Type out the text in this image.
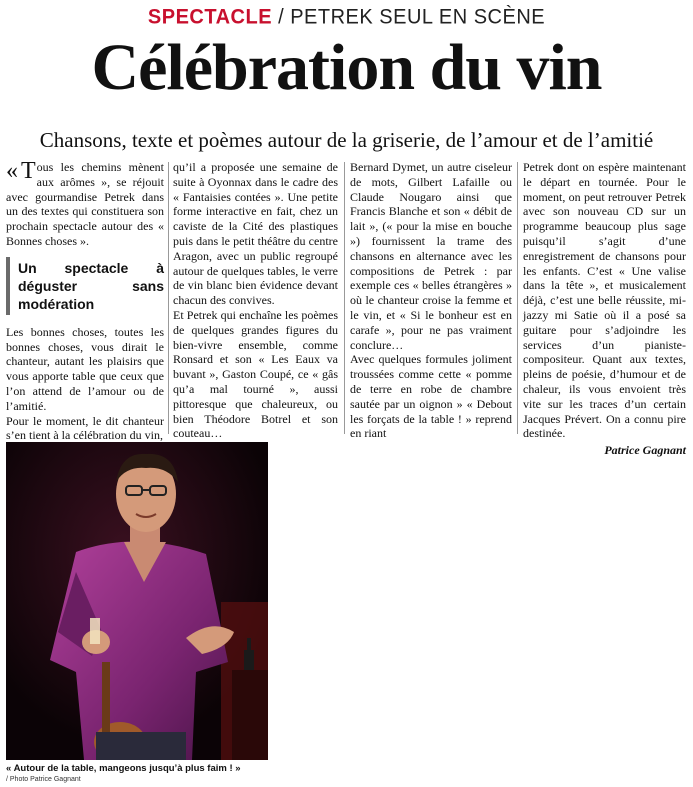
SPECTACLE / PETREK SEUL EN SCÈNE
Célébration du vin
Chansons, texte et poèmes autour de la griserie, de l’amour et de l’amitié

« T ous les chemins mènent aux arômes », se réjouit avec gourmandise Petrek dans un des textes qui constituera son prochain spectacle autour des « Bonnes choses ».

Un spectacle à déguster sans modération

Les bonnes choses, toutes les bonnes choses, vous dirait le chanteur, autant les plaisirs que vous apporte table que ceux que l’on attend de l’amour ou de l’amitié.

Pour le moment, le dit chanteur s’en tient à la célébration du vin,

qu’il a proposée une semaine de suite à Oyonnax dans le cadre des « Fantaisies contées ». Une petite forme interactive en fait, chez un caviste de la Cité des plastiques puis dans le petit théâtre du centre Aragon, avec un public regroupé autour de quelques tables, le verre de vin blanc bien évidence devant chacun des convives.

Et Petrek qui enchaîne les poèmes de quelques grandes figures du bien-vivre ensemble, comme Ronsard et son « Les Eaux va buvant », Gaston Coupé, ce « gâs qu’a mal tourné », aussi pittoresque que chaleureux, ou bien Théodore Botrel et son couteau…

Bernard Dymet, un autre ciseleur de mots, Gilbert Lafaille ou Claude Nougaro ainsi que Francis Blanche et son « débit de lait », (« pour la mise en bouche ») fournissent la trame des chansons en alternance avec les compositions de Petrek : par exemple ces « belles étrangères » où le chanteur croise la femme et le vin, et « Si le bonheur est en carafe », pour ne pas vraiment conclure…

Avec quelques formules joliment troussées comme cette « pomme de terre en robe de chambre sautée par un oignon » « Debout les forçats de la table ! » reprend en riant

Petrek dont on espère maintenant le départ en tournée. Pour le moment, on peut retrouver Petrek avec son nouveau CD sur un programme beaucoup plus sage puisqu’il s’agit d’une enregistrement de chansons pour les enfants. C’est « Une valise dans la tête », et musicalement déjà, c’est une belle réussite, mi-jazzy mi Satie où il a posé sa guitare pour s’adjoindre les services d’un pianiste-compositeur. Quant aux textes, pleins de poésie, d’humour et de chaleur, ils vous envoient très vite sur les traces d’un certain Jacques Prévert. On a connu pire destinée.

Patrice Gagnant
« Autour de la table, mangeons jusqu’à plus faim ! »
/ Photo Patrice Gagnant
